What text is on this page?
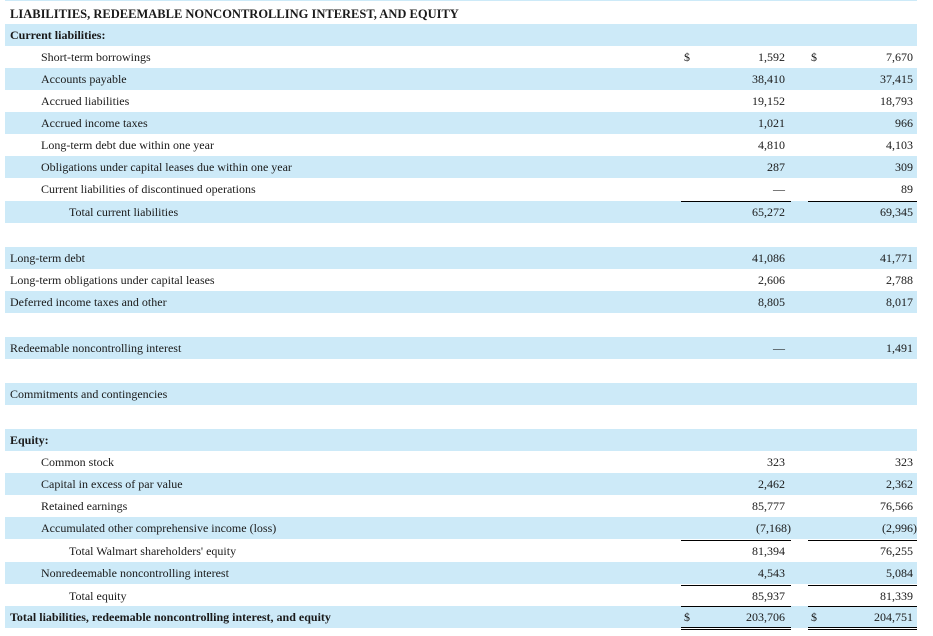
LIABILITIES, REDEEMABLE NONCONTROLLING INTEREST, AND EQUITY
Current liabilities:
Short-term borrowings	$	1,592 $	7,670
Accounts payable	38,410	37,415
Accrued liabilities	19,152	18,793
Accrued income taxes	1,021	966
Long-term debt due within one year	4,810	4,103
Obligations under capital leases due within one year	287	309
Current liabilities of discontinued operations	—	89
Total current liabilities	65,272	69,345
Long-term debt	41,086	41,771
Long-term obligations under capital leases	2,606	2,788
Deferred income taxes and other	8,805	8,017
Redeemable noncontrolling interest	—	1,491
Commitments and contingencies
Equity:
Common stock	323	323
Capital in excess of par value	2,462	2,362
Retained earnings	85,777	76,566
Accumulated other comprehensive income (loss)	(7,168)	(2,996)
Total Walmart shareholders' equity	81,394	76,255
Nonredeemable noncontrolling interest	4,543	5,084
Total equity	85,937	81,339
Total liabilities, redeemable noncontrolling interest, and equity	$	203,706 $	204,751
